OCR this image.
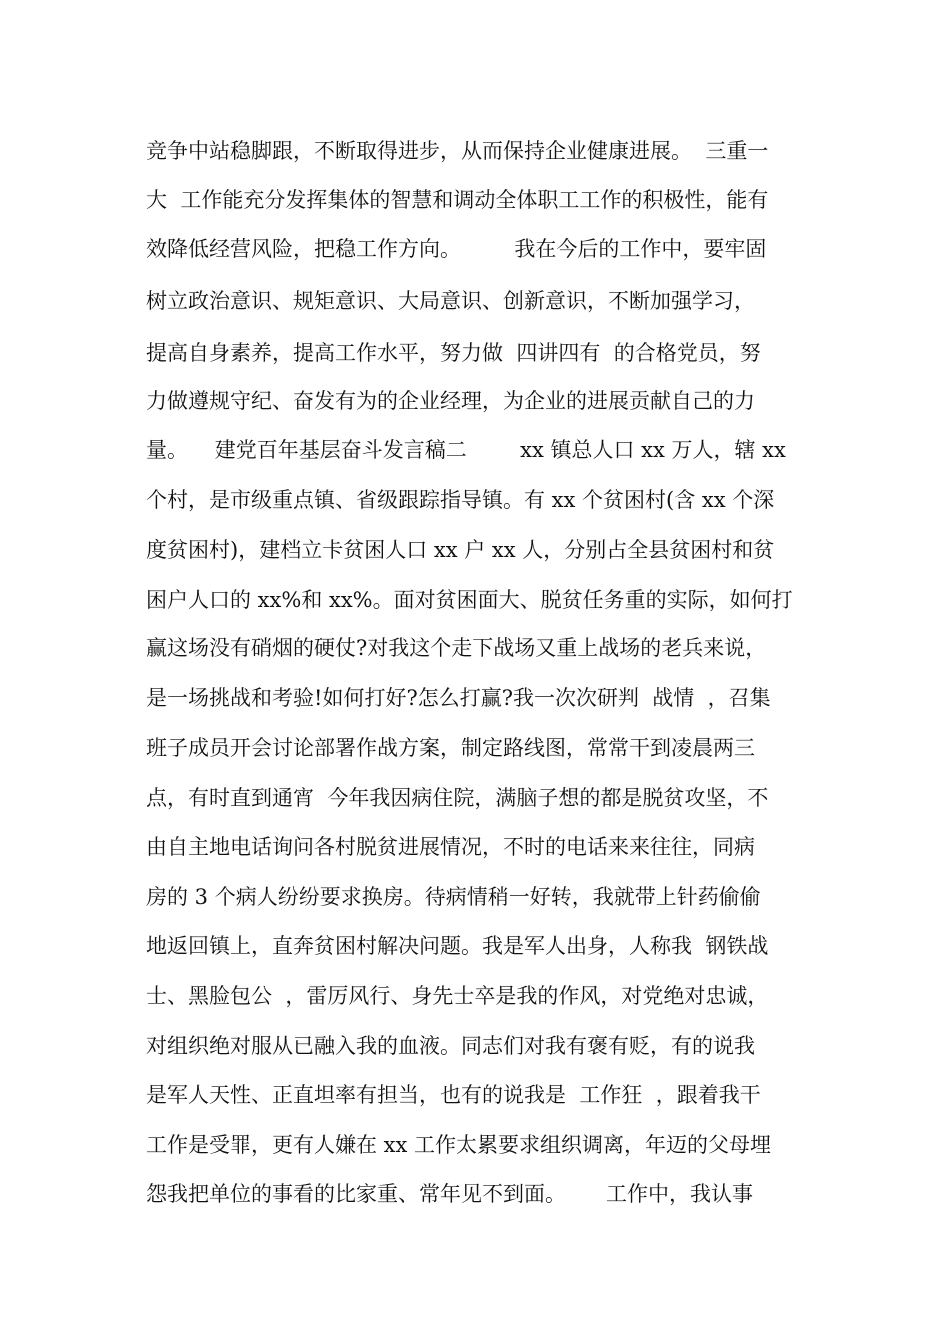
竞争中站稳脚跟，不断取得进步，从而保持企业健康进展。  三重一
大  工作能充分发挥集体的智慧和调动全体职工工作的积极性，能有
效降低经营风险，把稳工作方向。        我在今后的工作中，要牢固
树立政治意识、规矩意识、大局意识、创新意识，不断加强学习，
提高自身素养，提高工作水平，努力做  四讲四有  的合格党员，努
力做遵规守纪、奋发有为的企业经理，为企业的进展贡献自己的力
量。    建党百年基层奋斗发言稿二        xx 镇总人口 xx 万人，辖 xx
个村，是市级重点镇、省级跟踪指导镇。有 xx 个贫困村(含 xx 个深
度贫困村)，建档立卡贫困人口 xx 户 xx 人，分别占全县贫困村和贫
困户人口的 xx%和 xx%。面对贫困面大、脱贫任务重的实际，如何打
赢这场没有硝烟的硬仗?对我这个走下战场又重上战场的老兵来说，
是一场挑战和考验!如何打好?怎么打赢?我一次次研判  战情  ，召集
班子成员开会讨论部署作战方案，制定路线图，常常干到凌晨两三
点，有时直到通宵  今年我因病住院，满脑子想的都是脱贫攻坚，不
由自主地电话询问各村脱贫进展情况，不时的电话来来往往，同病
房的 3 个病人纷纷要求换房。待病情稍一好转，我就带上针药偷偷
地返回镇上，直奔贫困村解决问题。我是军人出身，人称我  钢铁战
士、黑脸包公  ，雷厉风行、身先士卒是我的作风，对党绝对忠诚，
对组织绝对服从已融入我的血液。同志们对我有褒有贬，有的说我
是军人天性、正直坦率有担当，也有的说我是  工作狂  ，跟着我干
工作是受罪，更有人嫌在 xx 工作太累要求组织调离，年迈的父母埋
怨我把单位的事看的比家重、常年见不到面。      工作中，我认事
